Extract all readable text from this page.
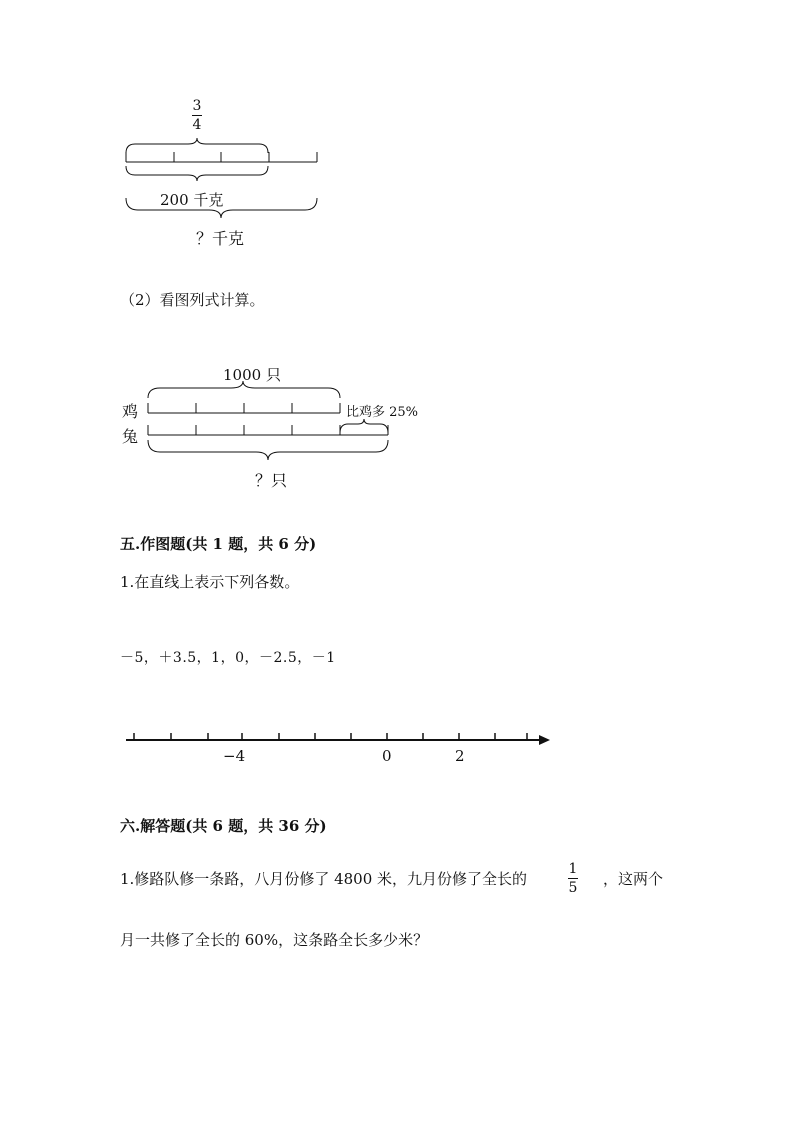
3
4
200 千克
？千克
（2）看图列式计算。
1000 只
鸡
兔
比鸡多 25%
？只
五.作图题(共 1 题，共 6 分)
1.在直线上表示下列各数。
－5，＋3.5，1，0，－2.5，－1
−4	0	2
六.解答题(共 6 题，共 36 分)
1.修路队修一条路，八月份修了 4800 米，九月份修了全长的
1
5 ，这两个
月一共修了全长的 60%，这条路全长多少米？
